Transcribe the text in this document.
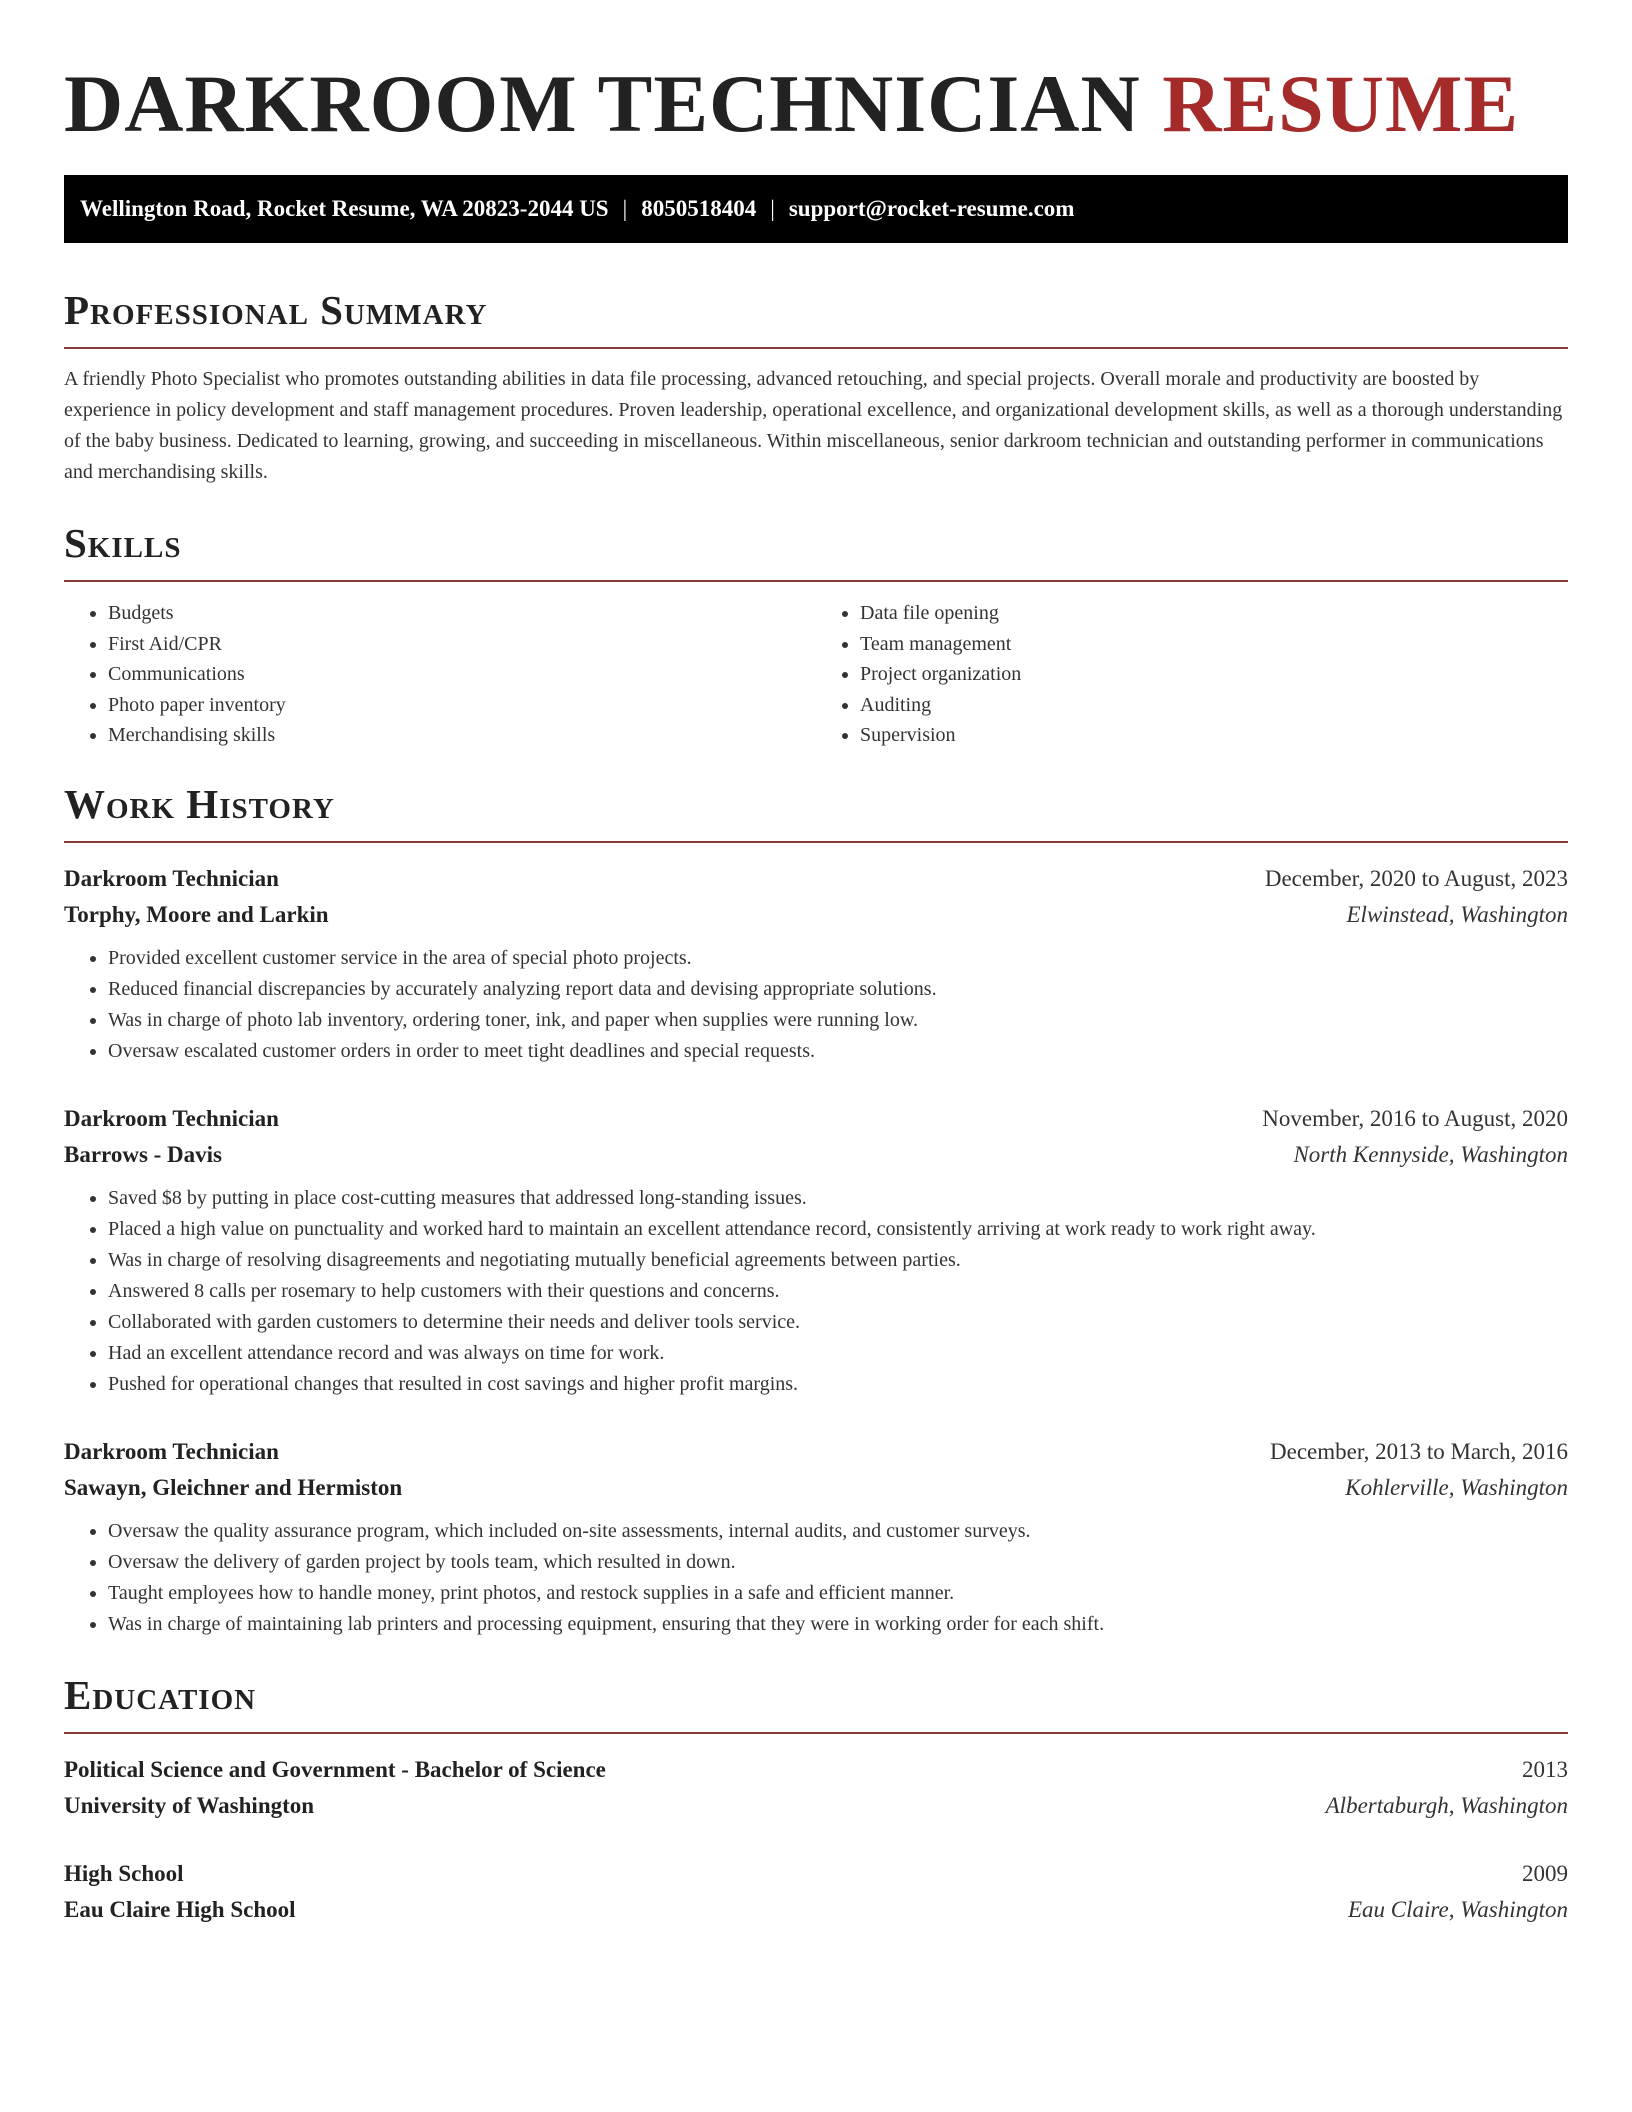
DARKROOM TECHNICIAN RESUME
Wellington Road, Rocket Resume, WA 20823-2044 US | 8050518404 | support@rocket-resume.com
Professional Summary

A friendly Photo Specialist who promotes outstanding abilities in data file processing, advanced retouching, and special projects. Overall morale and productivity are boosted by experience in policy development and staff management procedures. Proven leadership, operational excellence, and organizational development skills, as well as a thorough understanding of the baby business. Dedicated to learning, growing, and succeeding in miscellaneous. Within miscellaneous, senior darkroom technician and outstanding performer in communications and merchandising skills.

Skills
• Budgets
• First Aid/CPR
• Communications
• Photo paper inventory
• Merchandising skills
• Data file opening
• Team management
• Project organization
• Auditing
• Supervision
Work History
Darkroom Technician	December, 2020 to August, 2023
Torphy, Moore and Larkin	Elwinstead, Washington
• Provided excellent customer service in the area of special photo projects.
• Reduced financial discrepancies by accurately analyzing report data and devising appropriate solutions.
• Was in charge of photo lab inventory, ordering toner, ink, and paper when supplies were running low.
• Oversaw escalated customer orders in order to meet tight deadlines and special requests.
Darkroom Technician	November, 2016 to August, 2020
Barrows - Davis	North Kennyside, Washington
• Saved $8 by putting in place cost-cutting measures that addressed long-standing issues.
• Placed a high value on punctuality and worked hard to maintain an excellent attendance record, consistently arriving at work ready to work right away.
• Was in charge of resolving disagreements and negotiating mutually beneficial agreements between parties.
• Answered 8 calls per rosemary to help customers with their questions and concerns.
• Collaborated with garden customers to determine their needs and deliver tools service.
• Had an excellent attendance record and was always on time for work.
• Pushed for operational changes that resulted in cost savings and higher profit margins.
Darkroom Technician	December, 2013 to March, 2016
Sawayn, Gleichner and Hermiston	Kohlerville, Washington
• Oversaw the quality assurance program, which included on-site assessments, internal audits, and customer surveys.
• Oversaw the delivery of garden project by tools team, which resulted in down.
• Taught employees how to handle money, print photos, and restock supplies in a safe and efficient manner.
• Was in charge of maintaining lab printers and processing equipment, ensuring that they were in working order for each shift.
Education
Political Science and Government - Bachelor of Science	2013
University of Washington	Albertaburgh, Washington
High School	2009
Eau Claire High School	Eau Claire, Washington
